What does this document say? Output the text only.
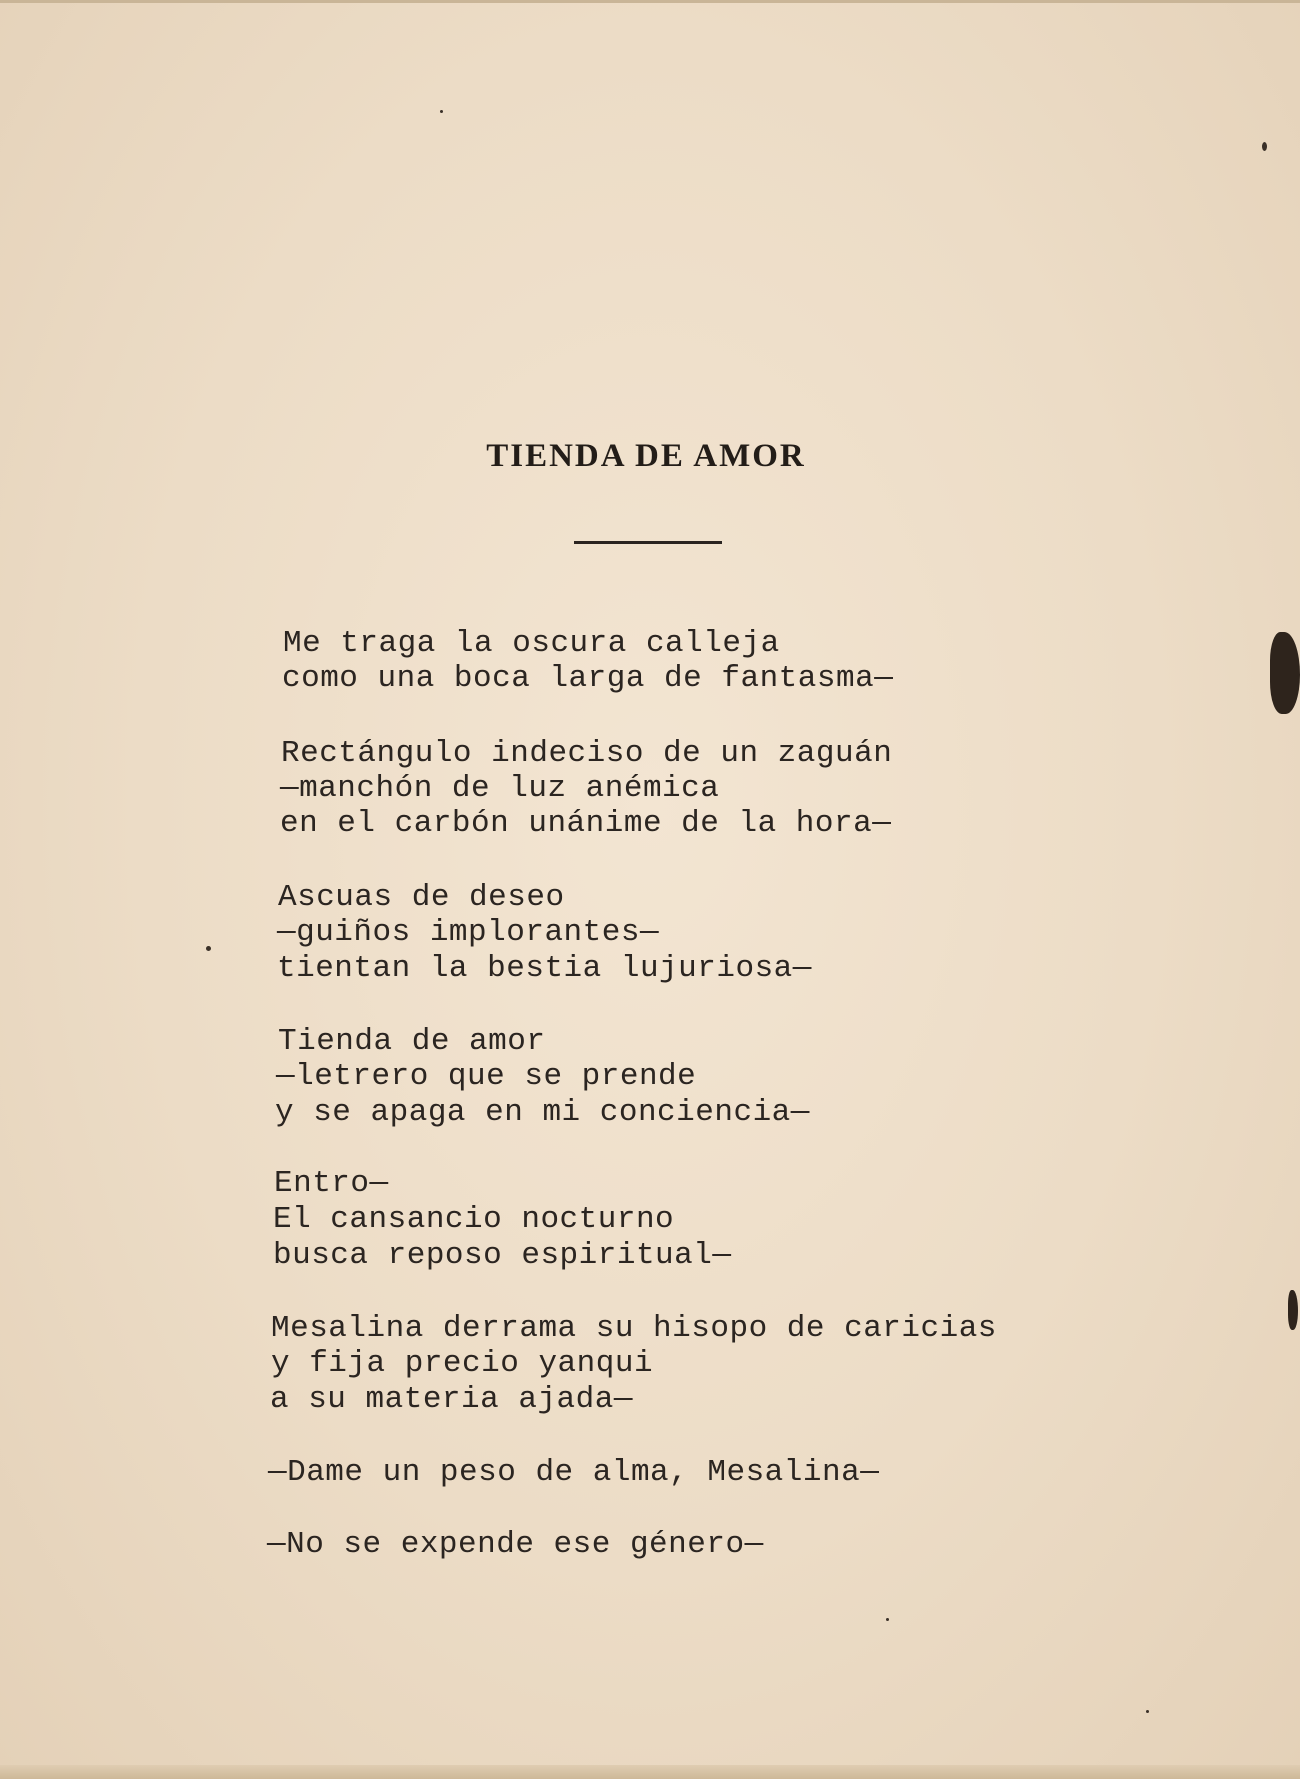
TIENDA DE AMOR
Me traga la oscura calleja
como una boca larga de fantasma—
Rectángulo indeciso de un zaguán
—manchón de luz anémica
en el carbón unánime de la hora—
Ascuas de deseo
—guiños implorantes—
tientan la bestia lujuriosa—
Tienda de amor
—letrero que se prende
y se apaga en mi conciencia—
Entro—
El cansancio nocturno
busca reposo espiritual—
Mesalina derrama su hisopo de caricias
y fija precio yanqui
a su materia ajada—
—Dame un peso de alma, Mesalina—
—No se expende ese género—
